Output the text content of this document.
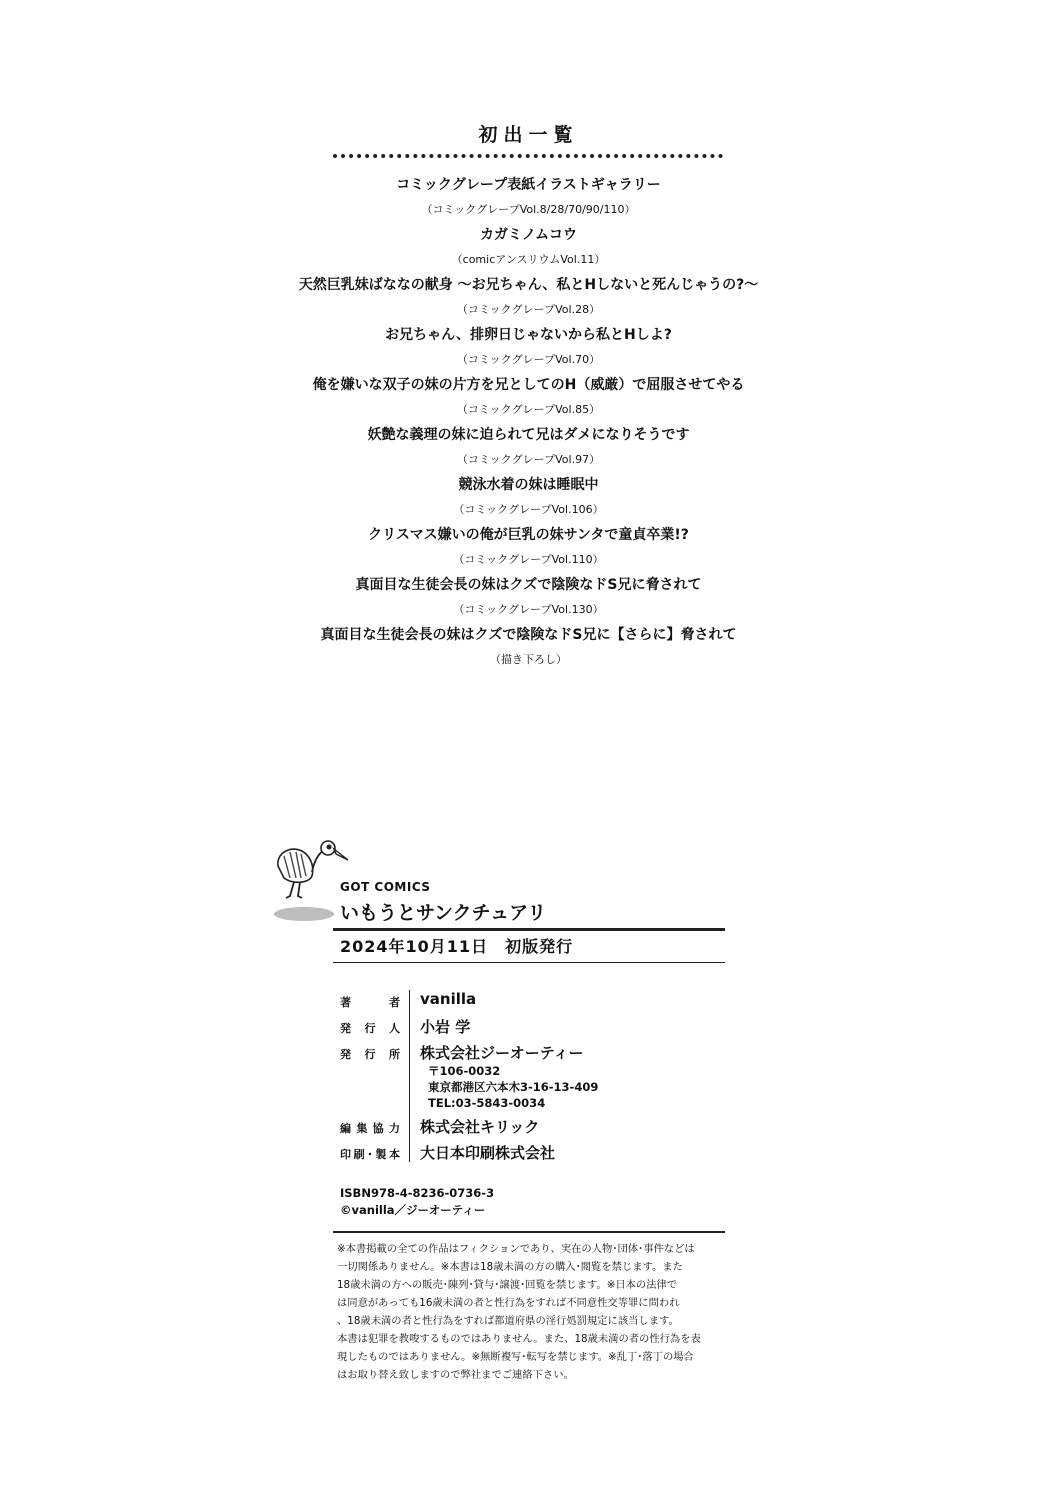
初出一覧
コミックグレープ表紙イラストギャラリー
（コミックグレープVol.8/28/70/90/110）
カガミノムコウ
（comicアンスリウムVol.11）
天然巨乳妹ばななの献身 ～お兄ちゃん、私とHしないと死んじゃうの?～
（コミックグレープVol.28）
お兄ちゃん、排卵日じゃないから私とHしよ?
（コミックグレープVol.70）
俺を嫌いな双子の妹の片方を兄としてのH（威厳）で屈服させてやる
（コミックグレープVol.85）
妖艶な義理の妹に迫られて兄はダメになりそうです
（コミックグレープVol.97）
競泳水着の妹は睡眠中
（コミックグレープVol.106）
クリスマス嫌いの俺が巨乳の妹サンタで童貞卒業!?
（コミックグレープVol.110）
真面目な生徒会長の妹はクズで陰険なドS兄に脅されて
（コミックグレープVol.130）
真面目な生徒会長の妹はクズで陰険なドS兄に【さらに】脅されて
（描き下ろし）
GOT COMICS
いもうとサンクチュアリ
2024年10月11日　初版発行
著者 vanilla
発行人 小岩 学
発行所 株式会社ジーオーティー
〒106-0032
東京都港区六本木3-16-13-409
TEL:03-5843-0034
編集協力 株式会社キリック
印刷･製本 大日本印刷株式会社
ISBN978-4-8236-0736-3
©vanilla／ジーオーティー
※本書掲載の全ての作品はフィクションであり、実在の人物･団体･事件などは
一切関係ありません。※本書は18歳未満の方の購入･閲覧を禁じます。また
18歳未満の方への販売･陳列･貸与･譲渡･回覧を禁じます。※日本の法律で
は同意があっても16歳未満の者と性行為をすれば不同意性交等罪に問われ
、18歳未満の者と性行為をすれば都道府県の淫行処罰規定に該当します。
本書は犯罪を教唆するものではありません。また、18歳未満の者の性行為を表
現したものではありません。※無断複写･転写を禁じます。※乱丁･落丁の場合
はお取り替え致しますので弊社までご連絡下さい。
